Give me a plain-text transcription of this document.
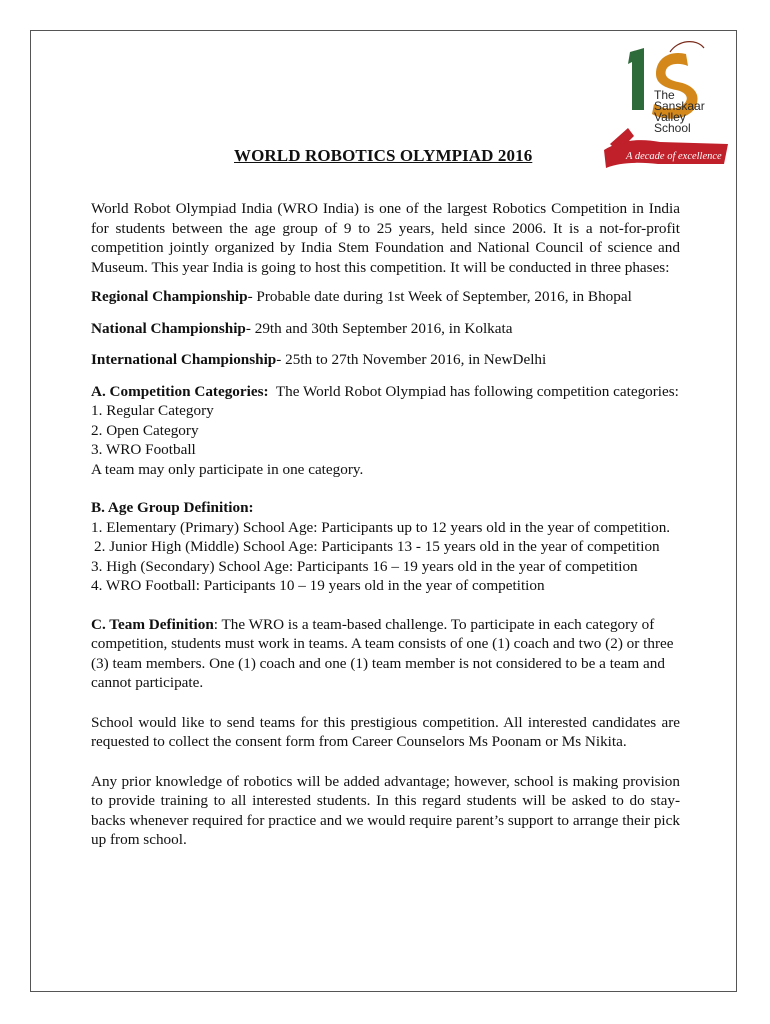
A decade of excellence
The
Sanskaar
Valley
School
WORLD ROBOTICS OLYMPIAD 2016

World Robot Olympiad India (WRO India) is one of the largest Robotics Competition in India for students between the age group of 9 to 25 years, held since 2006. It is a not-for-profit competition jointly organized by India Stem Foundation and National Council of science and Museum. This year India is going to host this competition. It will be conducted in three phases:

Regional Championship- Probable date during 1st Week of September, 2016, in Bhopal

National Championship- 29th and 30th September 2016, in Kolkata

International Championship- 25th to 27th November 2016, in NewDelhi

A. Competition Categories:  The World Robot Olympiad has following competition categories:

1. Regular Category

2. Open Category

3. WRO Football

A team may only participate in one category.

B. Age Group Definition:

1. Elementary (Primary) School Age: Participants up to 12 years old in the year of competition.

2. Junior High (Middle) School Age: Participants 13 - 15 years old in the year of competition

3. High (Secondary) School Age: Participants 16 – 19 years old in the year of competition

4. WRO Football: Participants 10 – 19 years old in the year of competition

C. Team Definition: The WRO is a team-based challenge. To participate in each category of competition, students must work in teams. A team consists of one (1) coach and two (2) or three (3) team members. One (1) coach and one (1) team member is not considered to be a team and cannot participate.

School would like to send teams for this prestigious competition. All interested candidates are requested to collect the consent form from Career Counselors Ms Poonam or Ms Nikita.

Any prior knowledge of robotics will be added advantage; however, school is making provision to provide training to all interested students. In this regard students will be asked to do stay-backs whenever required for practice and we would require parent’s support to arrange their pick up from school.
